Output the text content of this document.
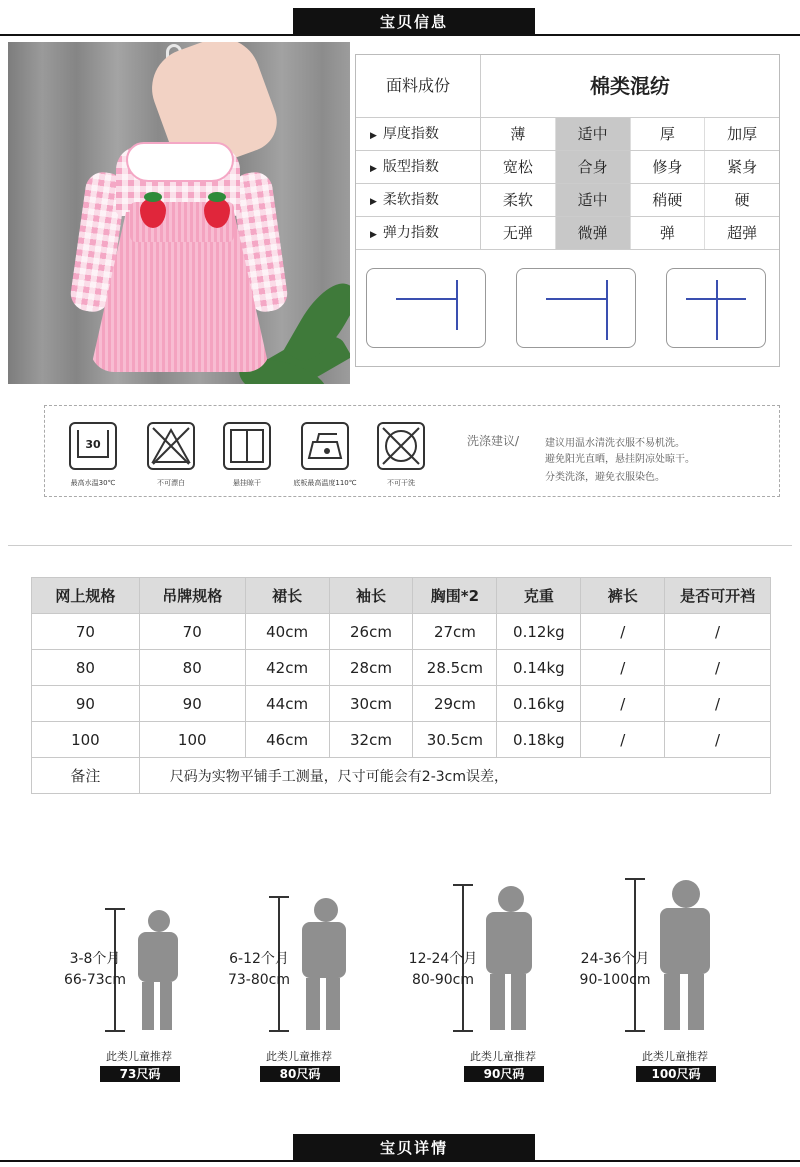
宝贝信息
面料成份	棉类混纺
▶ 厚度指数	薄	适中	厚	加厚
▶ 版型指数	宽松	合身	修身	紧身
▶ 柔软指数	柔软	适中	稍硬	硬
▶ 弹力指数	无弹	微弹	弹	超弹
30
最高水温30℃	不可漂白	悬挂晾干	底板最高温度110℃	不可干洗
洗涤建议/	建议用温水清洗衣服不易机洗。
避免阳光直晒，悬挂阴凉处晾干。
分类洗涤，避免衣服染色。
网上规格	吊牌规格	裙长	袖长	胸围*2	克重	裤长	是否可开裆
70	70	40cm	26cm	27cm	0.12kg	/	/
80	80	42cm	28cm	28.5cm	0.14kg	/	/
90	90	44cm	30cm	29cm	0.16kg	/	/
100	100	46cm	32cm	30.5cm	0.18kg	/	/
备注	尺码为实物平铺手工测量，尺寸可能会有2-3cm误差，						
3-8个月
66-73cm
此类儿童推荐
73尺码
6-12个月
73-80cm
此类儿童推荐
80尺码
12-24个月
80-90cm
此类儿童推荐
90尺码
24-36个月
90-100cm
此类儿童推荐
100尺码
宝贝详情
